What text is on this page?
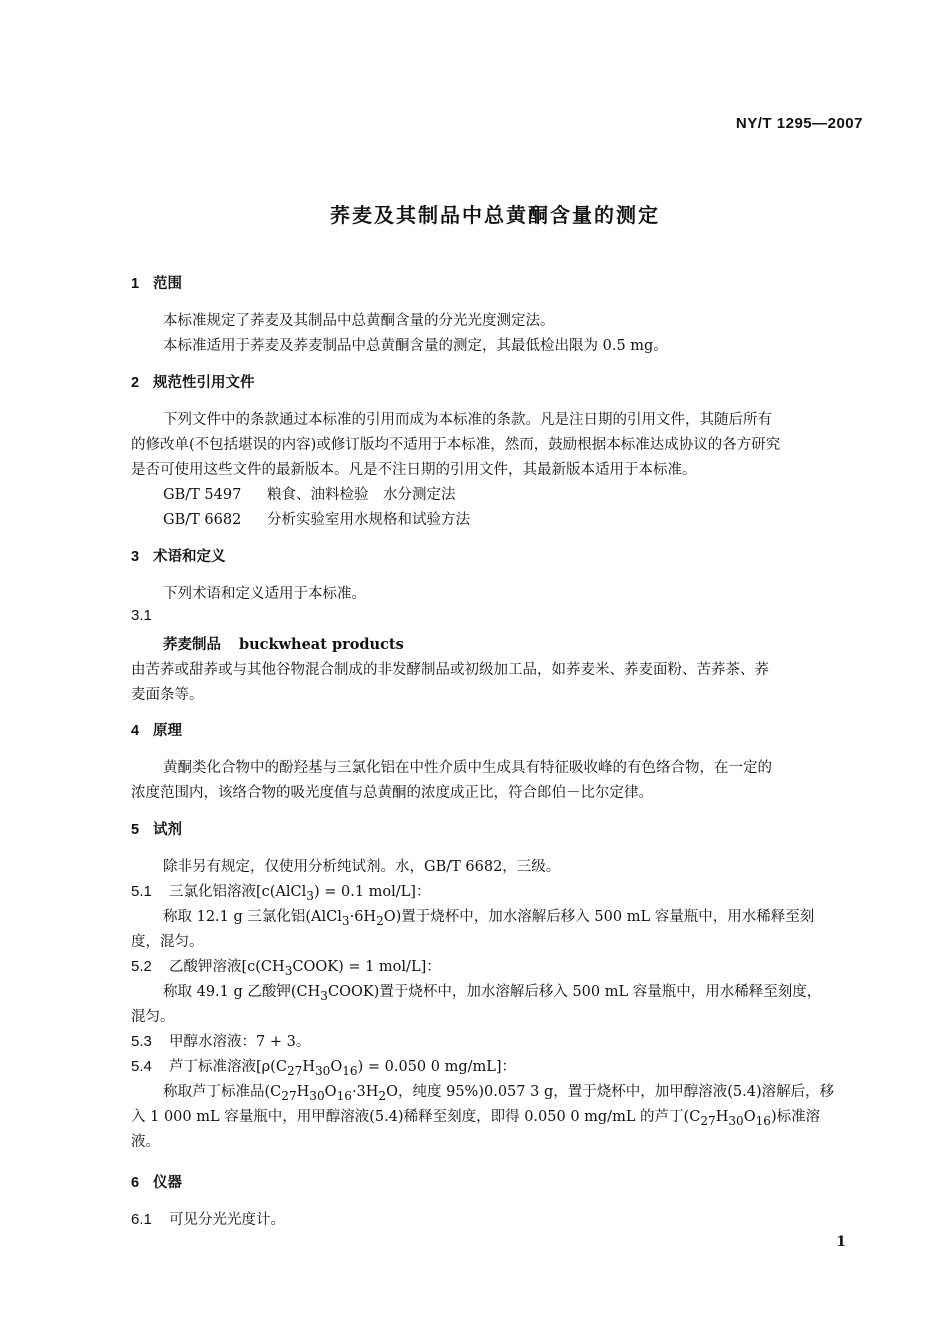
NY/T 1295—2007
荞麦及其制品中总黄酮含量的测定
1 范围
本标准规定了荞麦及其制品中总黄酮含量的分光光度测定法。
本标准适用于荞麦及荞麦制品中总黄酮含量的测定，其最低检出限为 0.5 mg。
2 规范性引用文件
下列文件中的条款通过本标准的引用而成为本标准的条款。凡是注日期的引用文件，其随后所有
的修改单(不包括堪误的内容)或修订版均不适用于本标准，然而，鼓励根据本标准达成协议的各方研究
是否可使用这些文件的最新版本。凡是不注日期的引用文件，其最新版本适用于本标准。
GB/T 5497 粮食、油料检验　水分测定法
GB/T 6682 分析实验室用水规格和试验方法
3 术语和定义
下列术语和定义适用于本标准。
3.1
荞麦制品 buckwheat products
由苦荞或甜荞或与其他谷物混合制成的非发酵制品或初级加工品，如荞麦米、荞麦面粉、苦荞茶、荞
麦面条等。
4 原理
黄酮类化合物中的酚羟基与三氯化铝在中性介质中生成具有特征吸收峰的有色络合物，在一定的
浓度范围内，该络合物的吸光度值与总黄酮的浓度成正比，符合郎伯－比尔定律。
5 试剂
除非另有规定，仅使用分析纯试剂。水，GB/T 6682，三级。
5.1 三氯化铝溶液[c(AlCl$_3$) = 0.1 mol/L]：
称取 12.1 g 三氯化铝$(AlCl_3\cdot 6H_2O)$置于烧杯中，加水溶解后移入 500 mL 容量瓶中，用水稀释至刻
度，混匀。
5.2 乙酸钾溶液[$c(CH_3COOK) = 1$ mol/L]：
称取 49.1 g 乙酸钾$(CH_3COOK)$置于烧杯中，加水溶解后移入 500 mL 容量瓶中，用水稀释至刻度，
混匀。
5.3 甲醇水溶液：7 + 3。
5.4 芦丁标准溶液[$\rho(C_{27}H_{30}O_{16}) = 0.050$ 0 mg/mL]：
称取芦丁标准品($C_{27}H_{30}O_{16}\cdot 3H_2O$，纯度 95%)0.057 3 g，置于烧杯中，加甲醇溶液(5.4)溶解后，移
入 1 000 mL 容量瓶中，用甲醇溶液(5.4)稀释至刻度，即得 0.050 0 mg/mL 的芦丁$(C_{27}H_{30}O_{16})$标准溶
液。
6 仪器
6.1 可见分光光度计。
1
